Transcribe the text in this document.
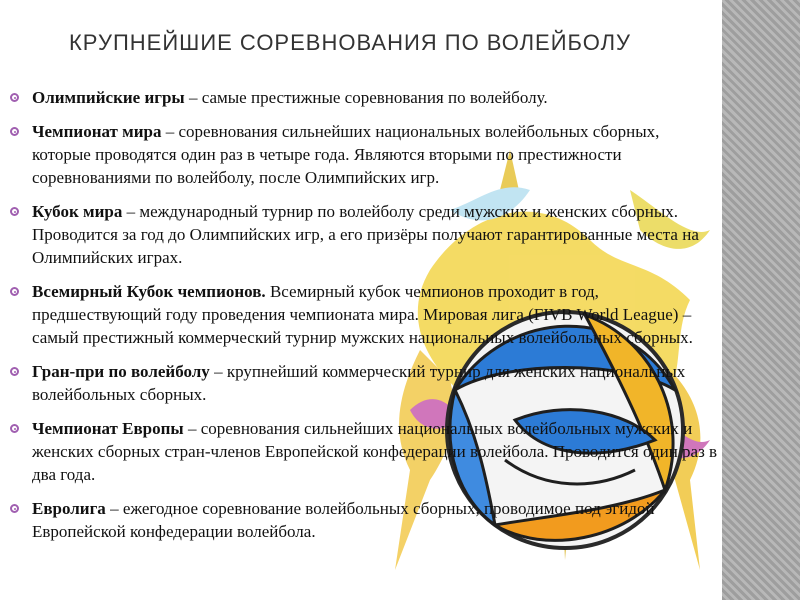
КРУПНЕЙШИЕ СОРЕВНОВАНИЯ ПО ВОЛЕЙБОЛУ
Олимпийские игры – самые престижные соревнования по волейболу.
Чемпионат мира – соревнования сильнейших национальных волейбольных сборных, которые проводятся один раз в четыре года. Являются вторыми по престижности соревнованиями по волейболу, после Олимпийских игр.
Кубок мира – международный турнир по волейболу среди мужских и женских сборных. Проводится за год до Олимпийских игр, а его призёры получают гарантированные места на Олимпийских играх.
Всемирный Кубок чемпионов. Всемирный кубок чемпионов проходит в год, предшествующий году проведения чемпионата мира. Мировая лига (FIVB World League) – самый престижный коммерческий турнир мужских национальных волейбольных сборных.
Гран-при по волейболу – крупнейший коммерческий турнир для женских национальных волейбольных сборных.
Чемпионат Европы – соревнования сильнейших национальных волейбольных мужских и женских сборных стран-членов Европейской конфедерации волейбола. Проводится один раз в два года.
Евролига – ежегодное соревнование волейбольных сборных, проводимое под эгидой Европейской конфедерации волейбола.
